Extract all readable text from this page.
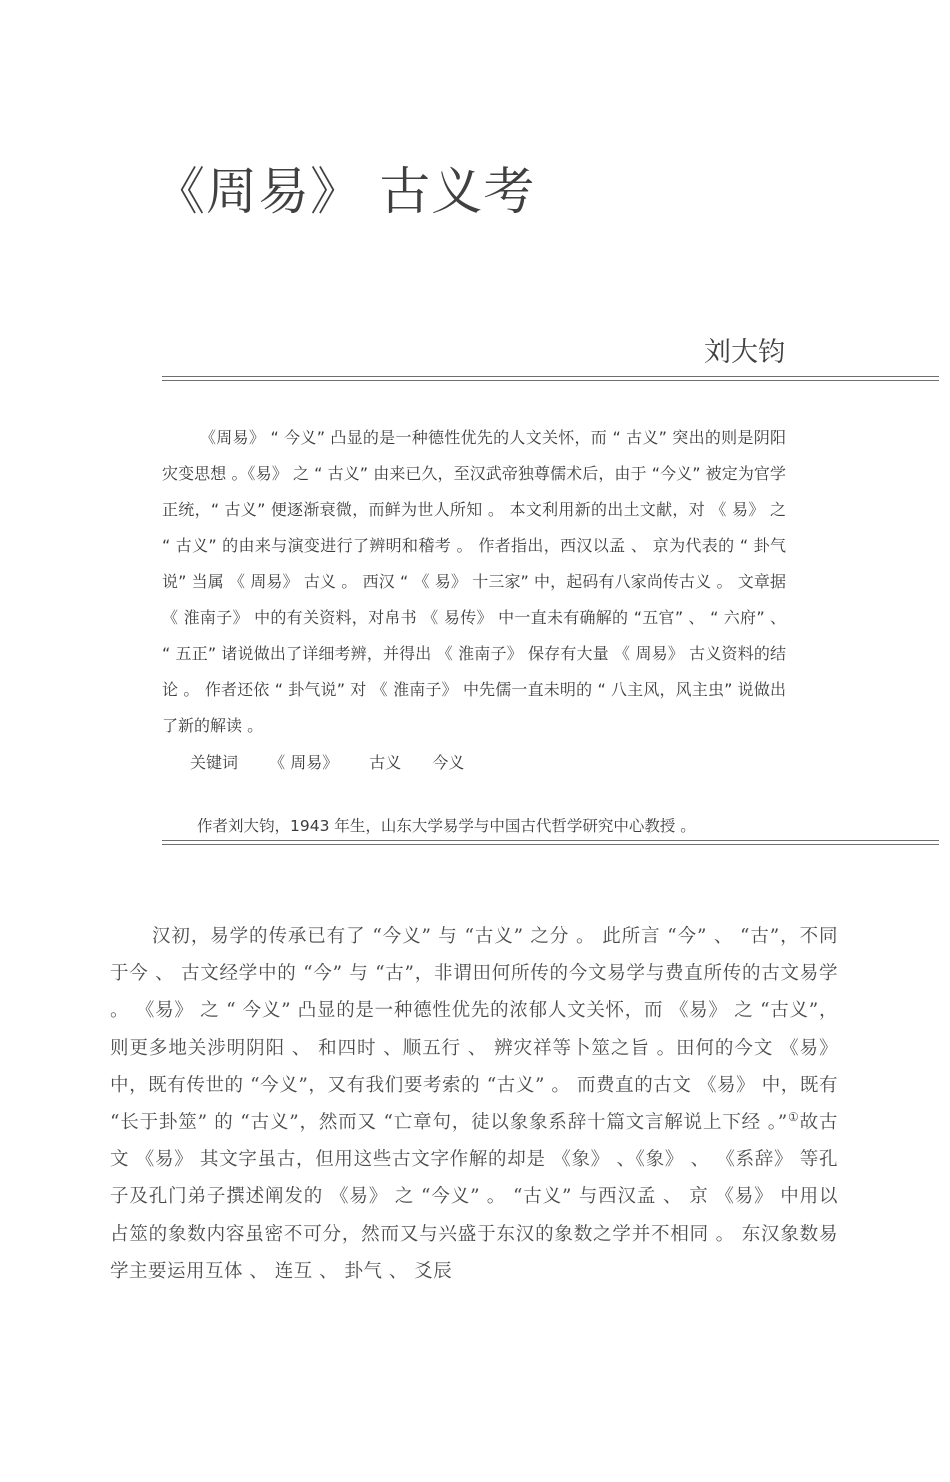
《周易》 古义考
刘大钧

《周易》 “ 今义” 凸显的是一种德性优先的人文关怀，而 “ 古义” 突出的则是阴阳灾变思想 。《易》 之 “ 古义” 由来已久，至汉武帝独尊儒术后，由于 “今义” 被定为官学正统，“ 古义” 便逐渐衰微，而鲜为世人所知 。 本文利用新的出土文献，对 《 易》 之 “ 古义” 的由来与演变进行了辨明和稽考 。 作者指出，西汉以孟 、 京为代表的 “ 卦气说” 当属 《 周易》 古义 。 西汉 “ 《 易》 十三家” 中，起码有八家尚传古义 。 文章据 《 淮南子》 中的有关资料，对帛书 《 易传》 中一直未有确解的 “五官” 、 “ 六府” 、 “ 五正” 诸说做出了详细考辨，并得出 《 淮南子》 保存有大量 《 周易》 古义资料的结论 。 作者还依 “ 卦气说” 对 《 淮南子》 中先儒一直未明的 “ 八主风，风主虫” 说做出了新的解读 。

关键词 《 周易》 古义 今义
作者刘大钧，1943 年生，山东大学易学与中国古代哲学研究中心教授 。

汉初，易学的传承已有了 “今义” 与 “古义” 之分 。 此所言 “今” 、 “古”，不同于今 、 古文经学中的 “今” 与 “古”，非谓田何所传的今文易学与费直所传的古文易学 。 《易》 之 “ 今义” 凸显的是一种德性优先的浓郁人文关怀，而 《易》 之 “古义”，则更多地关涉明阴阳 、 和四时 、顺五行 、 辨灾祥等卜筮之旨 。田何的今文 《易》 中，既有传世的 “今义”，又有我们要考索的 “古义” 。 而费直的古文 《易》 中，既有 “长于卦筮” 的 “古义”，然而又 “亡章句，徒以象象系辞十篇文言解说上下经 。”①故古文 《易》 其文字虽古，但用这些古文字作解的却是 《象》 、《象》 、 《系辞》 等孔子及孔门弟子撰述阐发的 《易》 之 “今义” 。 “古义” 与西汉孟 、 京 《易》 中用以占筮的象数内容虽密不可分，然而又与兴盛于东汉的象数之学并不相同 。 东汉象数易学主要运用互体 、 连互 、 卦气 、 爻辰
